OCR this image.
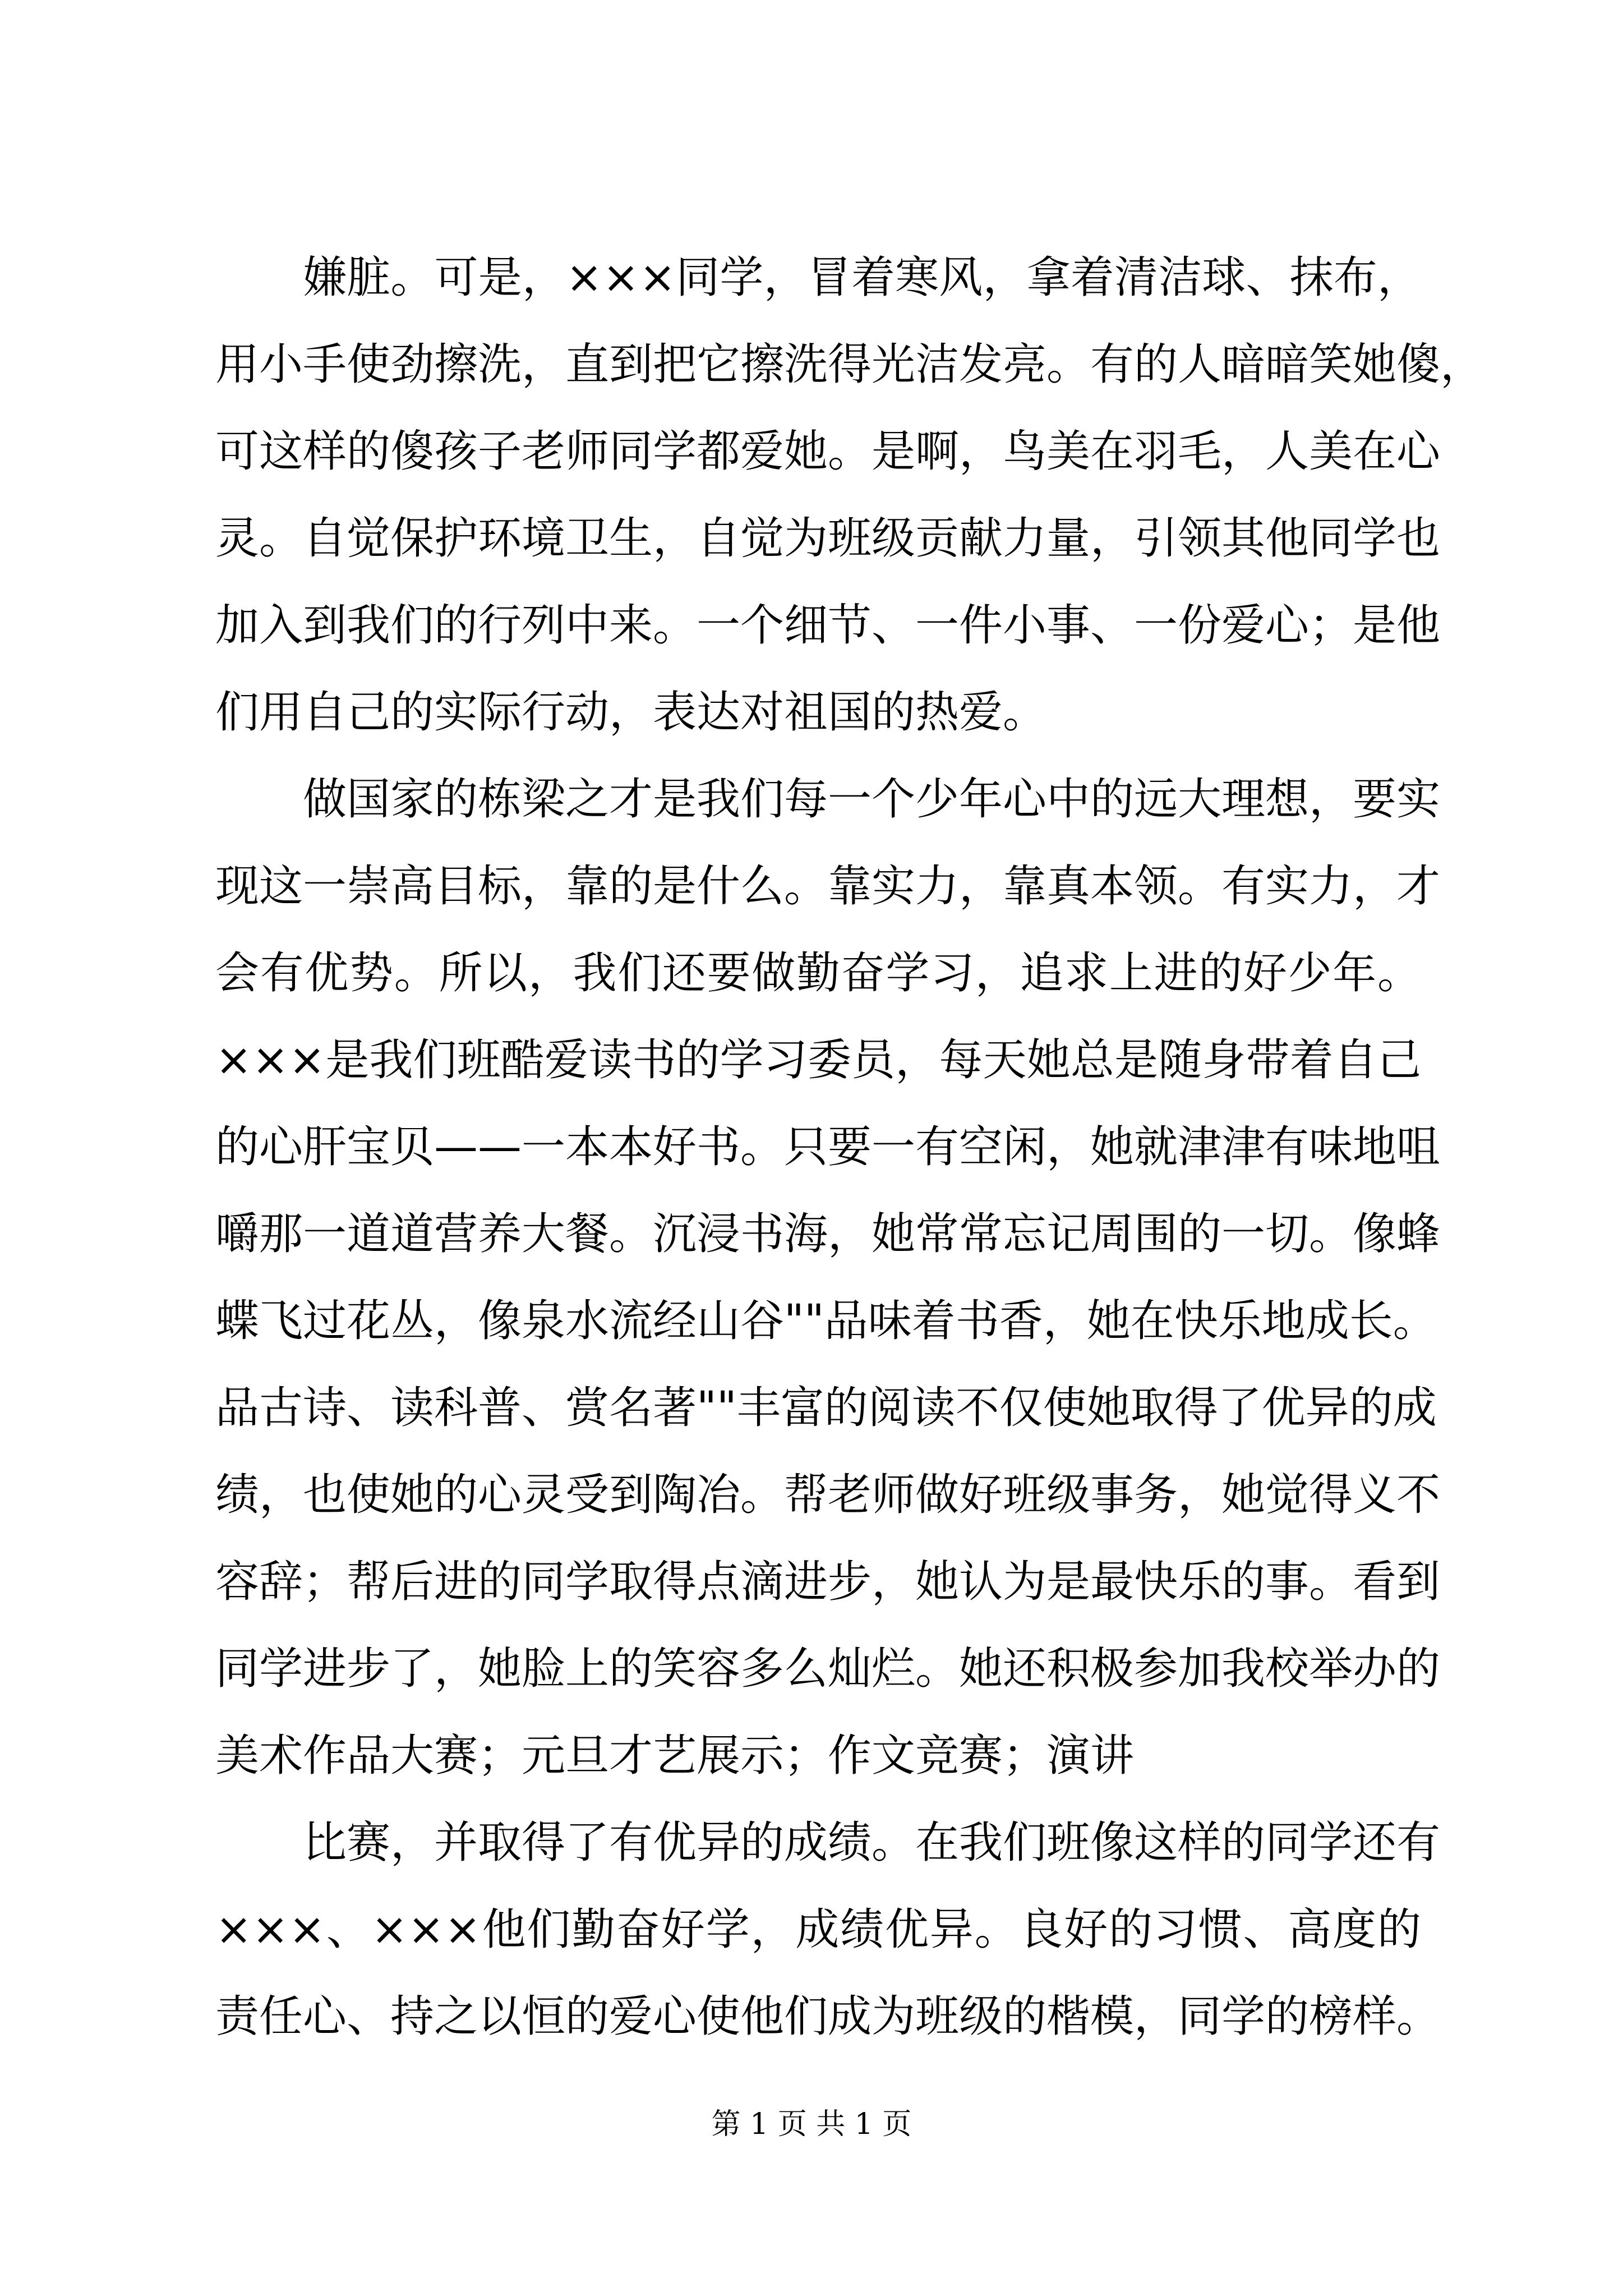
嫌脏。可是，×××同学，冒着寒风，拿着清洁球、抹布，
用小手使劲擦洗，直到把它擦洗得光洁发亮。有的人暗暗笑她傻，
可这样的傻孩子老师同学都爱她。是啊，鸟美在羽毛，人美在心
灵。自觉保护环境卫生，自觉为班级贡献力量，引领其他同学也
加入到我们的行列中来。一个细节、一件小事、一份爱心；是他
们用自己的实际行动，表达对祖国的热爱。
做国家的栋梁之才是我们每一个少年心中的远大理想，要实
现这一崇高目标，靠的是什么。靠实力，靠真本领。有实力，才
会有优势。所以，我们还要做勤奋学习，追求上进的好少年。
×××是我们班酷爱读书的学习委员，每天她总是随身带着自己
的心肝宝贝——一本本好书。只要一有空闲，她就津津有味地咀
嚼那一道道营养大餐。沉浸书海，她常常忘记周围的一切。像蜂
蝶飞过花丛，像泉水流经山谷""品味着书香，她在快乐地成长。
品古诗、读科普、赏名著""丰富的阅读不仅使她取得了优异的成
绩，也使她的心灵受到陶冶。帮老师做好班级事务，她觉得义不
容辞；帮后进的同学取得点滴进步，她认为是最快乐的事。看到
同学进步了，她脸上的笑容多么灿烂。她还积极参加我校举办的
美术作品大赛；元旦才艺展示；作文竞赛；演讲
比赛，并取得了有优异的成绩。在我们班像这样的同学还有
×××、×××他们勤奋好学，成绩优异。良好的习惯、高度的
责任心、持之以恒的爱心使他们成为班级的楷模，同学的榜样。
第 1 页 共 1 页
